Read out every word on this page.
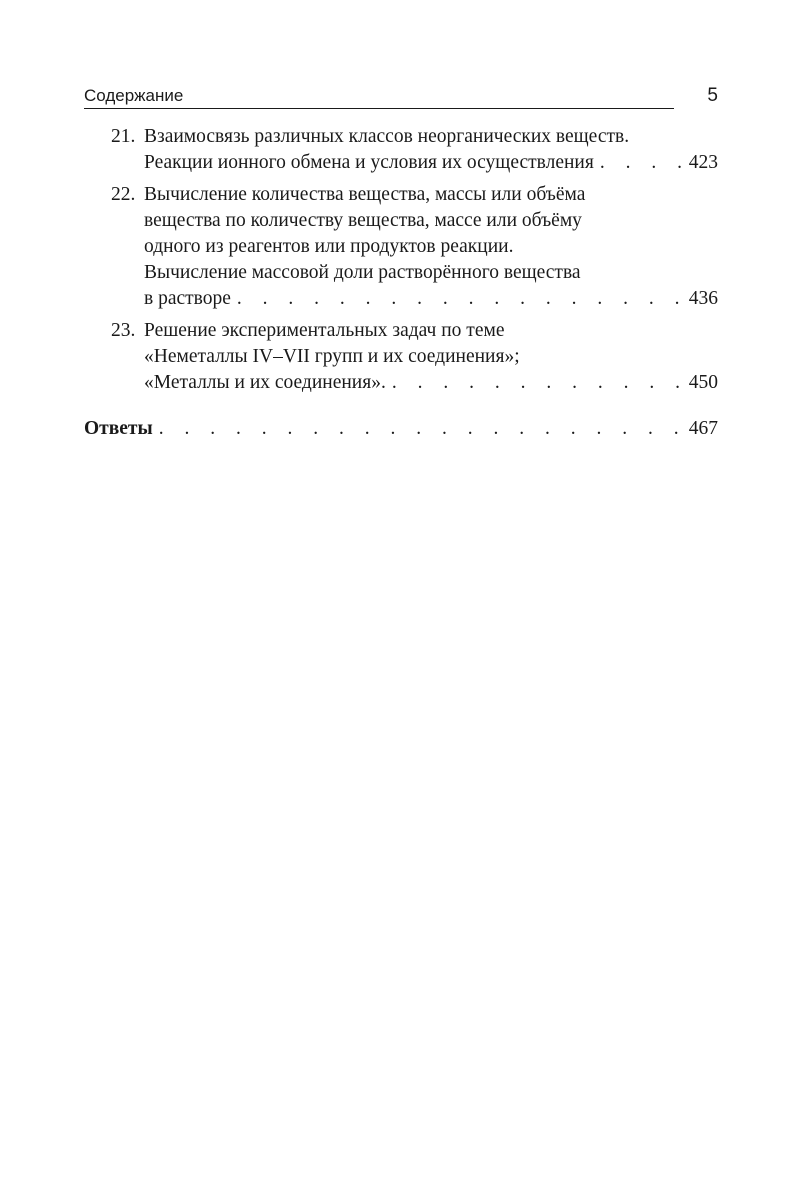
Содержание	5
21. Взаимосвязь различных классов неорганических веществ.
Реакции ионного обмена и условия их осуществления . . .	423
22. Вычисление количества вещества, массы или объёма
вещества по количеству вещества, массе или объёму
одного из реагентов или продуктов реакции.
Вычисление массовой доли растворённого вещества
в растворе . . .	436
23. Решение экспериментальных задач по теме
«Неметаллы IV–VII групп и их соединения»;
«Металлы и их соединения». . . .	450
Ответы . . .	467
